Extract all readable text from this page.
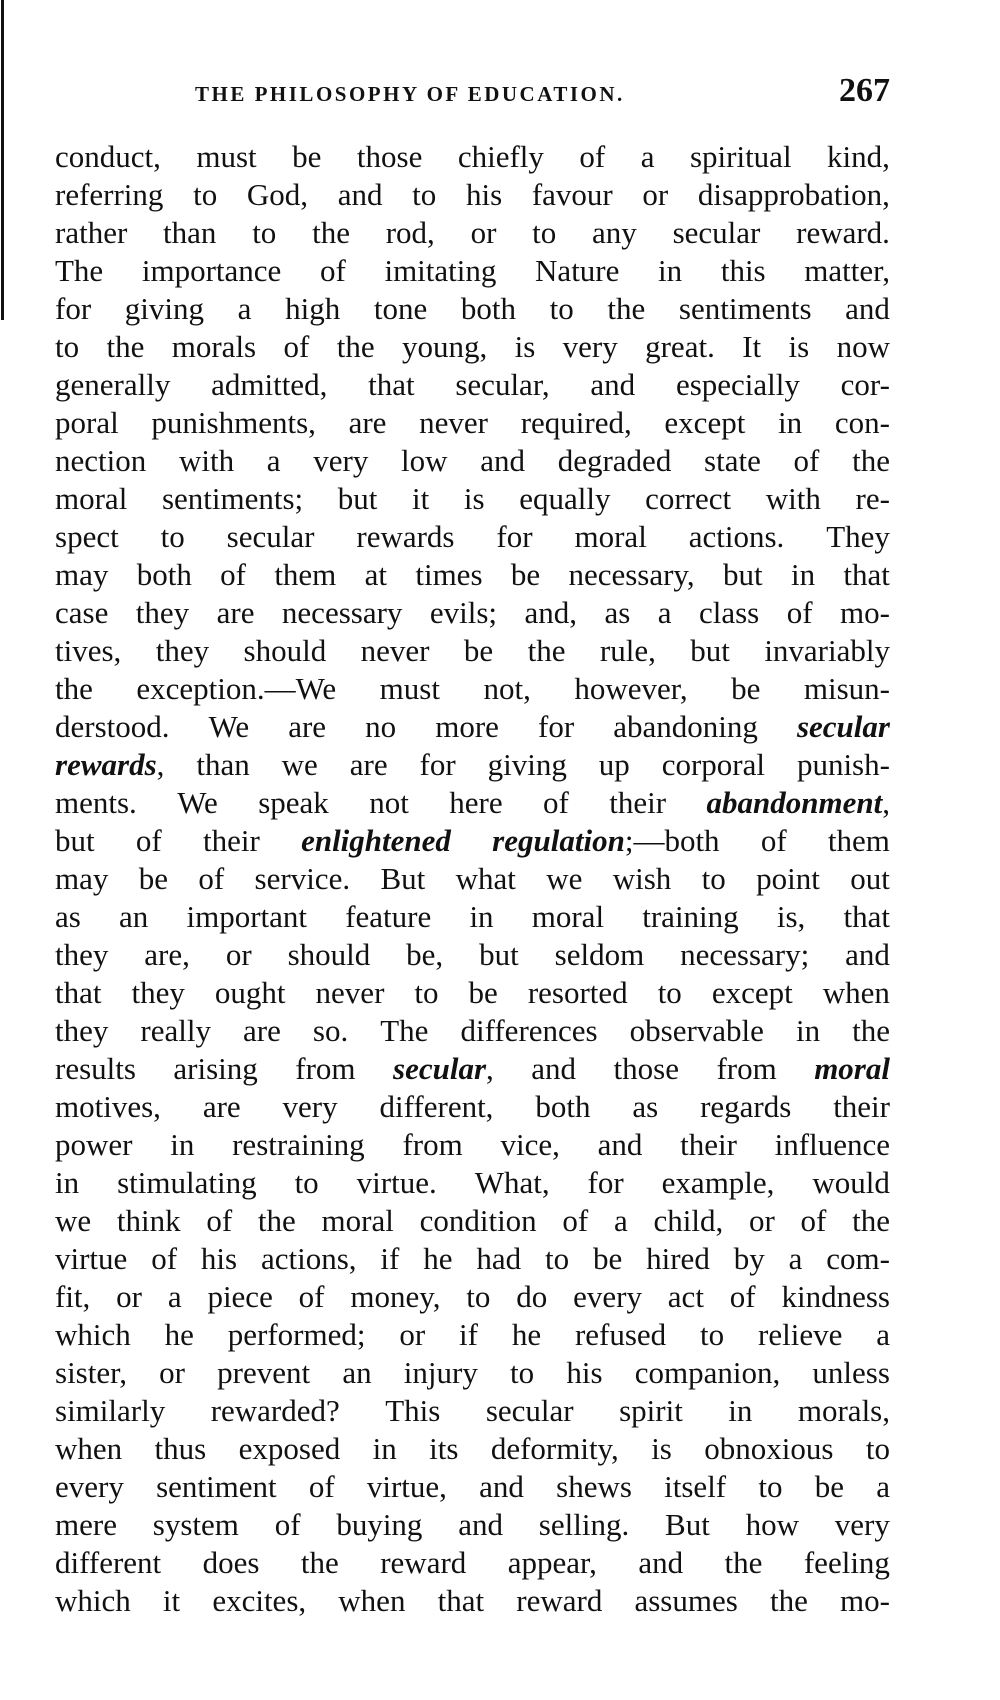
THE PHILOSOPHY OF EDUCATION.	267
conduct, must be those chiefly of a spiritual kind,
referring to God, and to his favour or disapprobation,
rather than to the rod, or to any secular reward.
The importance of imitating Nature in this matter,
for giving a high tone both to the sentiments and
to the morals of the young, is very great. It is now
generally admitted, that secular, and especially cor-
poral punishments, are never required, except in con-
nection with a very low and degraded state of the
moral sentiments; but it is equally correct with re-
spect to secular rewards for moral actions. They
may both of them at times be necessary, but in that
case they are necessary evils; and, as a class of mo-
tives, they should never be the rule, but invariably
the exception.—We must not, however, be misun-
derstood. We are no more for abandoning secular
rewards, than we are for giving up corporal punish-
ments. We speak not here of their abandonment,
but of their enlightened regulation;—both of them
may be of service. But what we wish to point out
as an important feature in moral training is, that
they are, or should be, but seldom necessary; and
that they ought never to be resorted to except when
they really are so. The differences observable in the
results arising from secular, and those from moral
motives, are very different, both as regards their
power in restraining from vice, and their influence
in stimulating to virtue. What, for example, would
we think of the moral condition of a child, or of the
virtue of his actions, if he had to be hired by a com-
fit, or a piece of money, to do every act of kindness
which he performed; or if he refused to relieve a
sister, or prevent an injury to his companion, unless
similarly rewarded? This secular spirit in morals,
when thus exposed in its deformity, is obnoxious to
every sentiment of virtue, and shews itself to be a
mere system of buying and selling. But how very
different does the reward appear, and the feeling
which it excites, when that reward assumes the mo-
